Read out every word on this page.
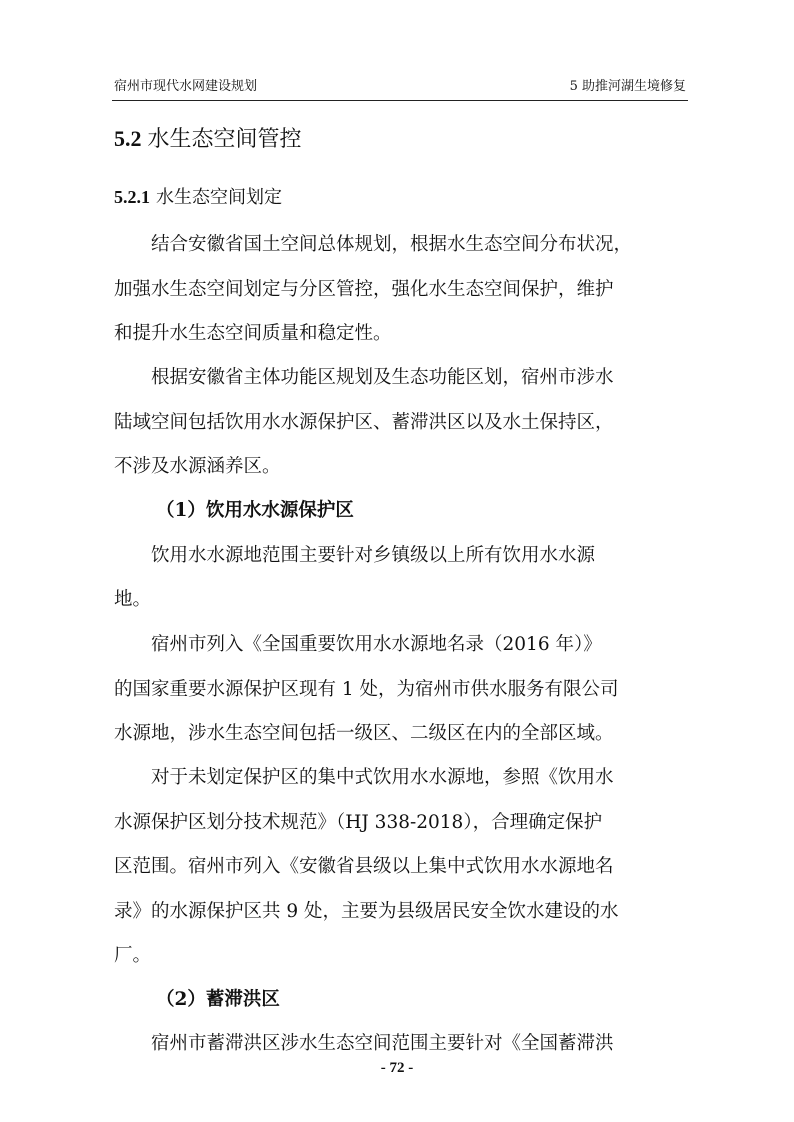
宿州市现代水网建设规划	5 助推河湖生境修复
5.2 水生态空间管控
5.2.1 水生态空间划定
　　结合安徽省国土空间总体规划，根据水生态空间分布状况，
加强水生态空间划定与分区管控，强化水生态空间保护，维护
和提升水生态空间质量和稳定性。
　　根据安徽省主体功能区规划及生态功能区划，宿州市涉水
陆域空间包括饮用水水源保护区、蓄滞洪区以及水土保持区，
不涉及水源涵养区。
（1）饮用水水源保护区
　　饮用水水源地范围主要针对乡镇级以上所有饮用水水源
地。
　　宿州市列入《全国重要饮用水水源地名录（2016 年）》
的国家重要水源保护区现有 1 处，为宿州市供水服务有限公司
水源地，涉水生态空间包括一级区、二级区在内的全部区域。
　　对于未划定保护区的集中式饮用水水源地，参照《饮用水
水源保护区划分技术规范》（HJ 338-2018），合理确定保护
区范围。宿州市列入《安徽省县级以上集中式饮用水水源地名
录》的水源保护区共 9 处，主要为县级居民安全饮水建设的水
厂。
（2）蓄滞洪区
- 72 -
　　宿州市蓄滞洪区涉水生态空间范围主要针对《全国蓄滞洪
